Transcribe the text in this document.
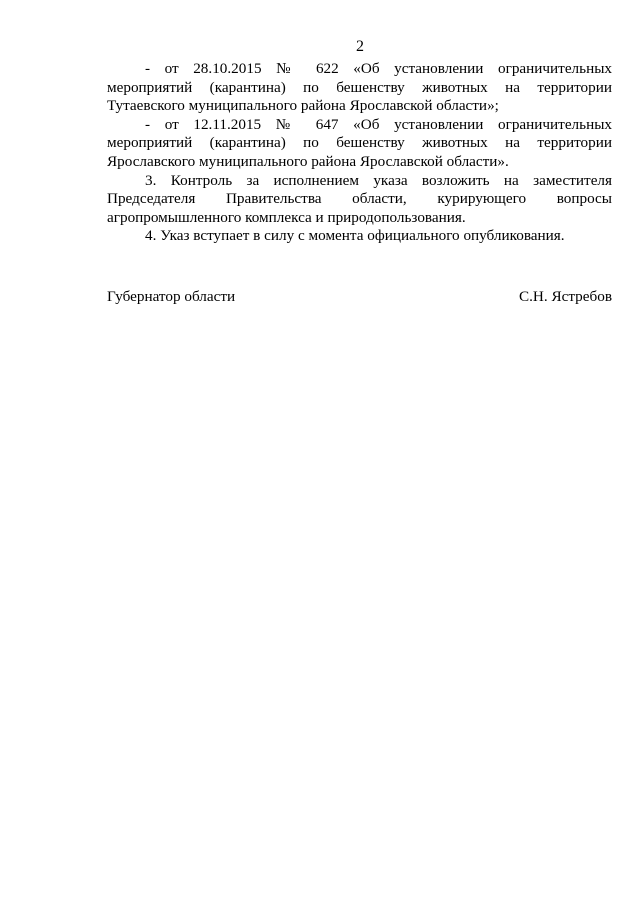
2

- от 28.10.2015 № 622 «Об установлении ограничительных мероприятий (карантина) по бешенству животных на территории Тутаевского муниципального района Ярославской области»;

- от 12.11.2015 № 647 «Об установлении ограничительных мероприятий (карантина) по бешенству животных на территории Ярославского муниципального района Ярославской области».

3. Контроль за исполнением указа возложить на заместителя Председателя Правительства области, курирующего вопросы агропромышленного комплекса и природопользования.

4. Указ вступает в силу с момента официального опубликования.

Губернатор области	С.Н. Ястребов
